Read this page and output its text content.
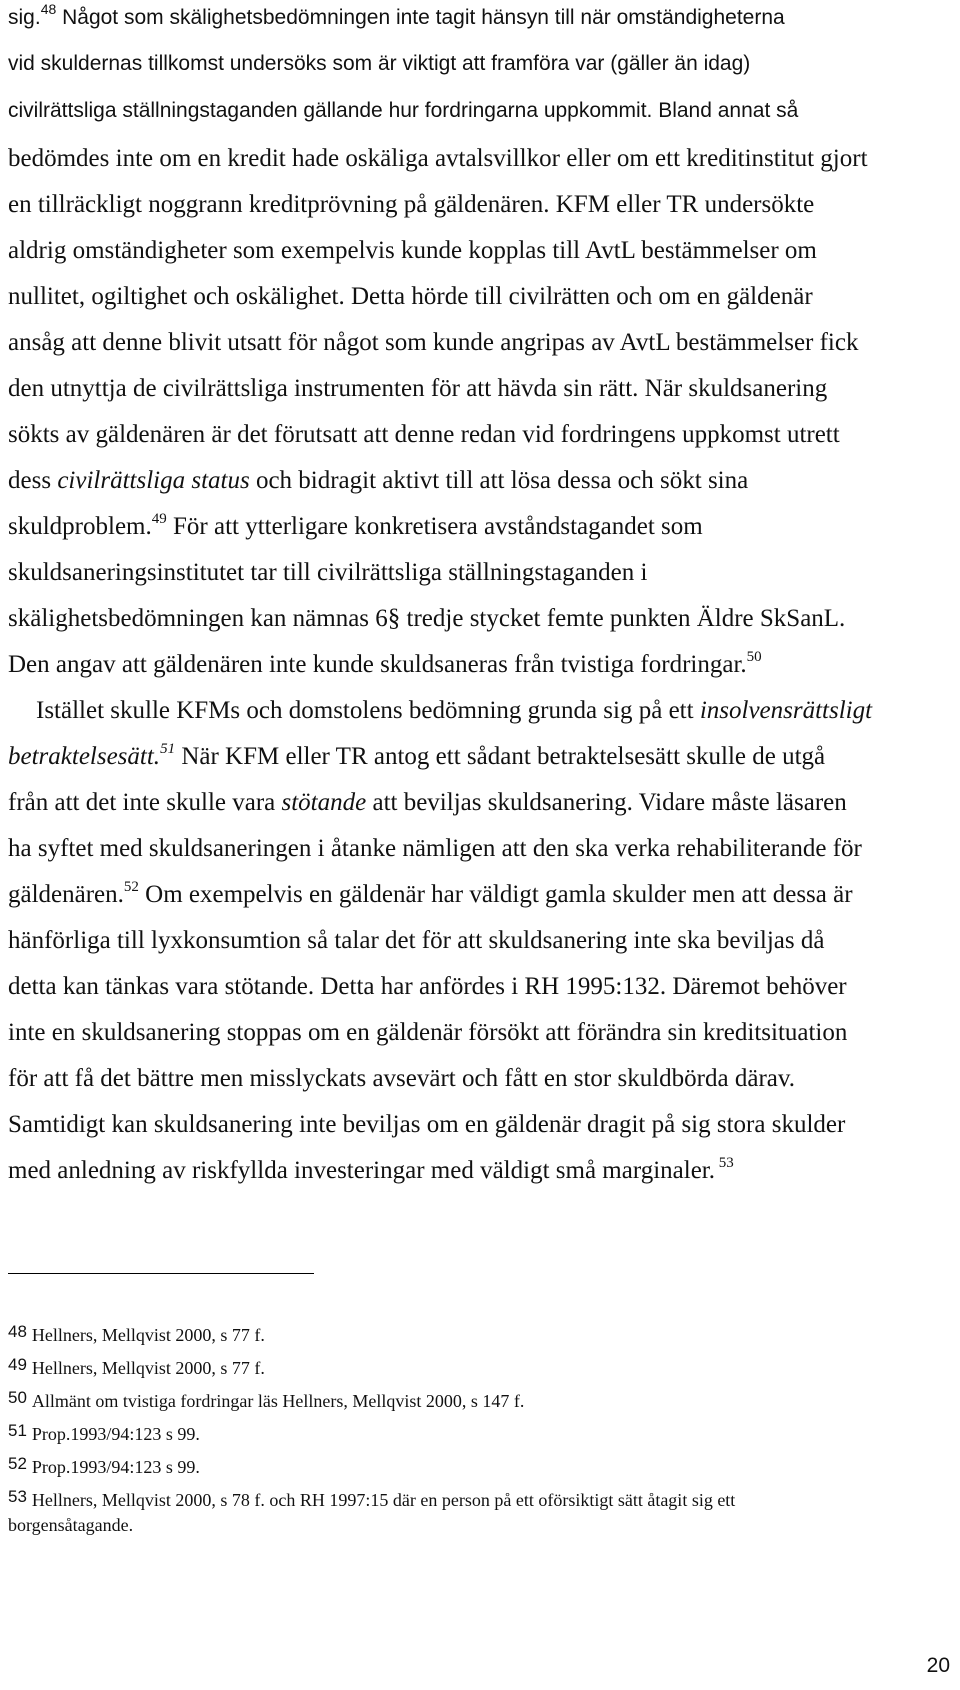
sig.$^{48}$ Något som skälighetsbedömningen inte tagit hänsyn till när omständigheterna
vid skuldernas tillkomst undersöks som är viktigt att framföra var (gäller än idag)
civilrättsliga ställningstaganden gällande hur fordringarna uppkommit. Bland annat så
bedömdes inte om en kredit hade oskäliga avtalsvillkor eller om ett kreditinstitut gjort
en tillräckligt noggrann kreditprövning på gäldenären. KFM eller TR undersökte
aldrig omständigheter som exempelvis kunde kopplas till AvtL bestämmelser om
nullitet, ogiltighet och oskälighet. Detta hörde till civilrätten och om en gäldenär
ansåg att denne blivit utsatt för något som kunde angripas av AvtL bestämmelser fick
den utnyttja de civilrättsliga instrumenten för att hävda sin rätt. När skuldsanering
sökts av gäldenären är det förutsatt att denne redan vid fordringens uppkomst utrett
dess civilrättsliga status och bidragit aktivt till att lösa dessa och sökt sina
skuldproblem.$^{49}$ För att ytterligare konkretisera avståndstagandet som
skuldsaneringsinstitutet tar till civilrättsliga ställningstaganden i
skälighetsbedömningen kan nämnas 6§ tredje stycket femte punkten Äldre SkSanL.
Den angav att gäldenären inte kunde skuldsaneras från tvistiga fordringar.$^{50}$
Istället skulle KFMs och domstolens bedömning grunda sig på ett insolvensrättsligt
betraktelsesätt.$^{51}$ När KFM eller TR antog ett sådant betraktelsesätt skulle de utgå
från att det inte skulle vara stötande att beviljas skuldsanering. Vidare måste läsaren
ha syftet med skuldsaneringen i åtanke nämligen att den ska verka rehabiliterande för
gäldenären.$^{52}$ Om exempelvis en gäldenär har väldigt gamla skulder men att dessa är
hänförliga till lyxkonsumtion så talar det för att skuldsanering inte ska beviljas då
detta kan tänkas vara stötande. Detta har anfördes i RH 1995:132. Däremot behöver
inte en skuldsanering stoppas om en gäldenär försökt att förändra sin kreditsituation
för att få det bättre men misslyckats avsevärt och fått en stor skuldbörda därav.
Samtidigt kan skuldsanering inte beviljas om en gäldenär dragit på sig stora skulder
med anledning av riskfyllda investeringar med väldigt små marginaler. $^{53}$
48 Hellners, Mellqvist 2000, s 77 f.
49 Hellners, Mellqvist 2000, s 77 f.
50 Allmänt om tvistiga fordringar läs Hellners, Mellqvist 2000, s 147 f.
51 Prop.1993/94:123 s 99.
52 Prop.1993/94:123 s 99.
53 Hellners, Mellqvist 2000, s 78 f. och RH 1997:15 där en person på ett oförsiktigt sätt åtagit sig ett
borgensåtagande.
20
